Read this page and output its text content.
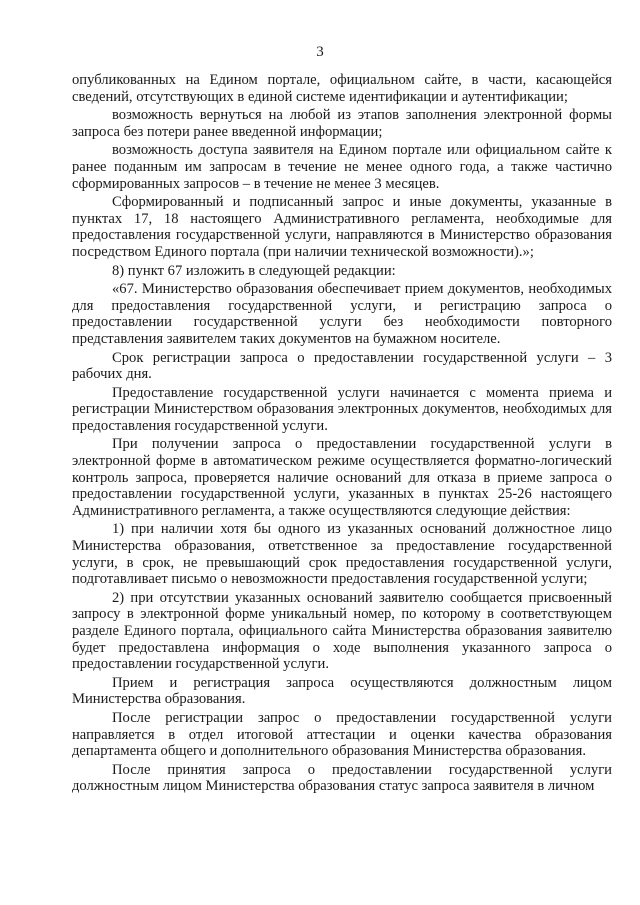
3

опубликованных на Едином портале, официальном сайте, в части, касающейся сведений, отсутствующих в единой системе идентификации и аутентификации;

возможность вернуться на любой из этапов заполнения электронной формы запроса без потери ранее введенной информации;

возможность доступа заявителя на Едином портале или официальном сайте к ранее поданным им запросам в течение не менее одного года, а также частично сформированных запросов – в течение не менее 3 месяцев.

Сформированный и подписанный запрос и иные документы, указанные в пунктах 17, 18 настоящего Административного регламента, необходимые для предоставления государственной услуги, направляются в Министерство образования посредством Единого портала (при наличии технической возможности).»;

8) пункт 67 изложить в следующей редакции:

«67. Министерство образования обеспечивает прием документов, необходимых для предоставления государственной услуги, и регистрацию запроса о предоставлении государственной услуги без необходимости повторного представления заявителем таких документов на бумажном носителе.

Срок регистрации запроса о предоставлении государственной услуги – 3 рабочих дня.

Предоставление государственной услуги начинается с момента приема и регистрации Министерством образования электронных документов, необходимых для предоставления государственной услуги.

При получении запроса о предоставлении государственной услуги в электронной форме в автоматическом режиме осуществляется форматно-логический контроль запроса, проверяется наличие оснований для отказа в приеме запроса о предоставлении государственной услуги, указанных в пунктах 25-26 настоящего Административного регламента, а также осуществляются следующие действия:

1) при наличии хотя бы одного из указанных оснований должностное лицо Министерства образования, ответственное за предоставление государственной услуги, в срок, не превышающий срок предоставления государственной услуги, подготавливает письмо о невозможности предоставления государственной услуги;

2) при отсутствии указанных оснований заявителю сообщается присвоенный запросу в электронной форме уникальный номер, по которому в соответствующем разделе Единого портала, официального сайта Министерства образования заявителю будет предоставлена информация о ходе выполнения указанного запроса о предоставлении государственной услуги.

Прием и регистрация запроса осуществляются должностным лицом Министерства образования.

После регистрации запрос о предоставлении государственной услуги направляется в отдел итоговой аттестации и оценки качества образования департамента общего и дополнительного образования Министерства образования.

После принятия запроса о предоставлении государственной услуги должностным лицом Министерства образования статус запроса заявителя в личном
